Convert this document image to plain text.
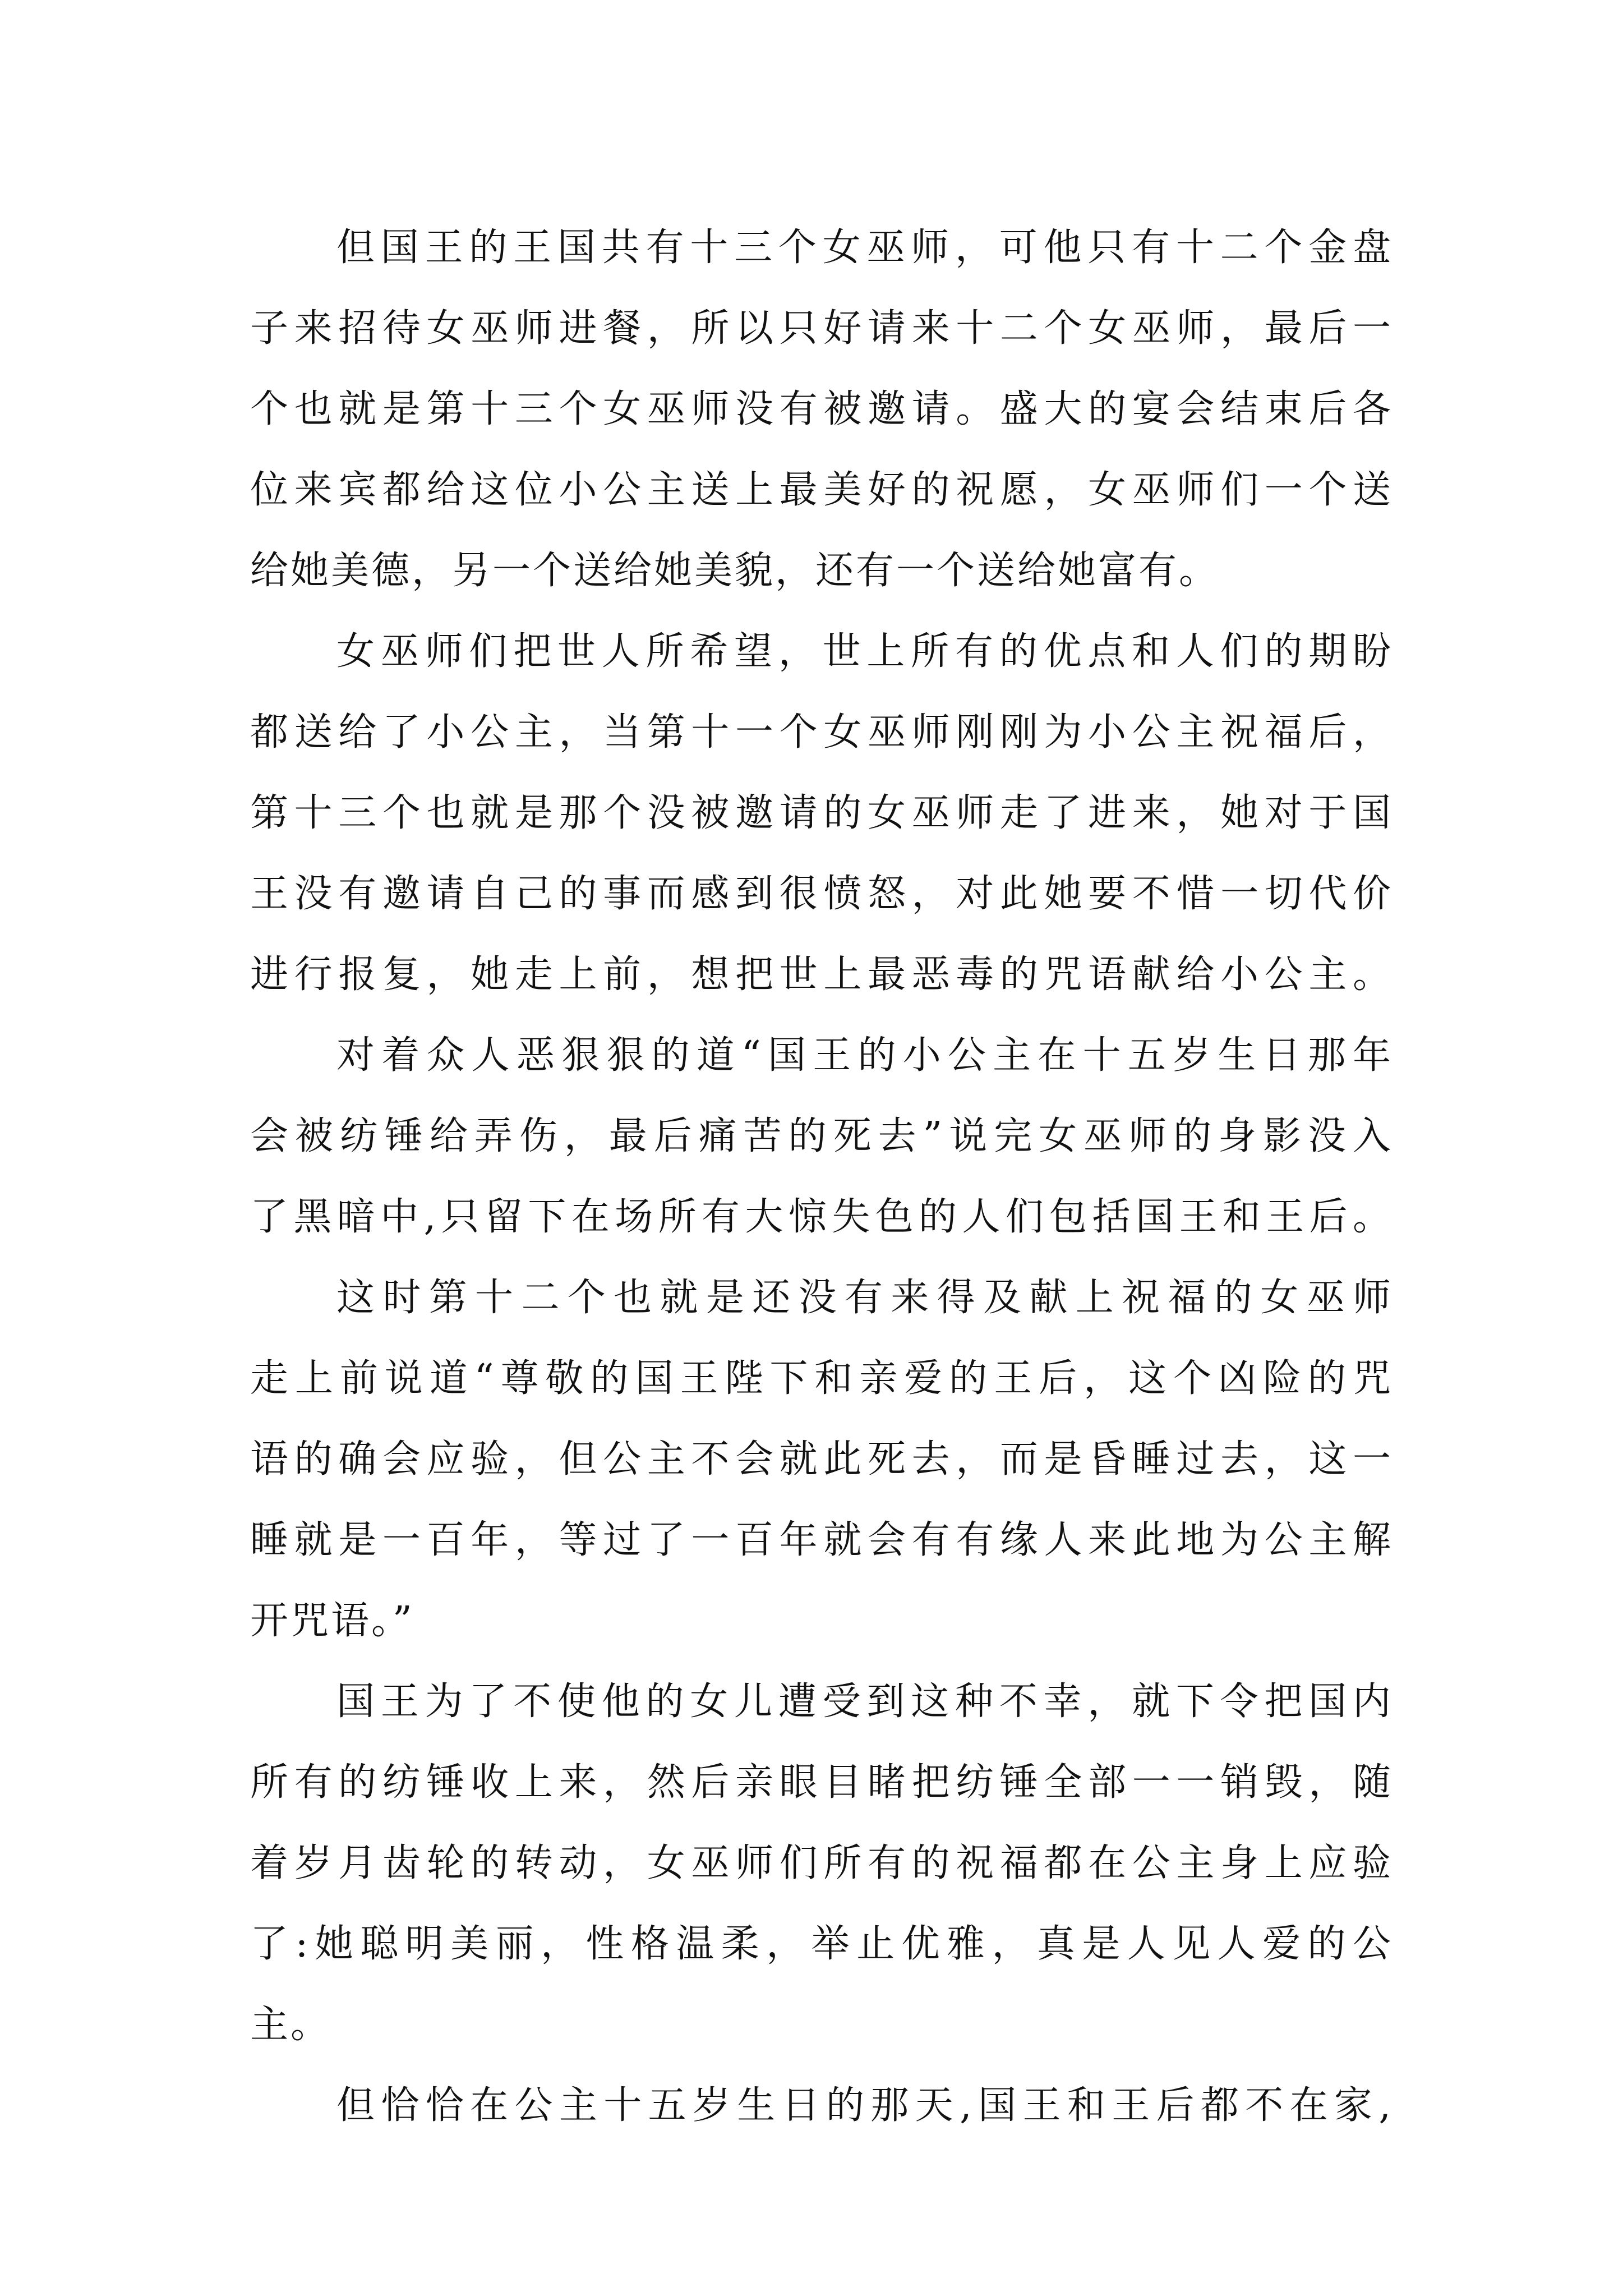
但国王的王国共有十三个女巫师，可他只有十二个金盘
子来招待女巫师进餐，所以只好请来十二个女巫师，最后一
个也就是第十三个女巫师没有被邀请。盛大的宴会结束后各
位来宾都给这位小公主送上最美好的祝愿，女巫师们一个送
给她美德，另一个送给她美貌，还有一个送给她富有。
女巫师们把世人所希望，世上所有的优点和人们的期盼
都送给了小公主，当第十一个女巫师刚刚为小公主祝福后，
第十三个也就是那个没被邀请的女巫师走了进来，她对于国
王没有邀请自己的事而感到很愤怒，对此她要不惜一切代价
进行报复，她走上前，想把世上最恶毒的咒语献给小公主。
对着众人恶狠狠的道“国王的小公主在十五岁生日那年
会被纺锤给弄伤，最后痛苦的死去”说完女巫师的身影没入
了黑暗中,只留下在场所有大惊失色的人们包括国王和王后。
这时第十二个也就是还没有来得及献上祝福的女巫师
走上前说道“尊敬的国王陛下和亲爱的王后，这个凶险的咒
语的确会应验，但公主不会就此死去，而是昏睡过去，这一
睡就是一百年，等过了一百年就会有有缘人来此地为公主解
开咒语。”
国王为了不使他的女儿遭受到这种不幸，就下令把国内
所有的纺锤收上来，然后亲眼目睹把纺锤全部一一销毁，随
着岁月齿轮的转动，女巫师们所有的祝福都在公主身上应验
了:她聪明美丽，性格温柔，举止优雅，真是人见人爱的公
主。
但恰恰在公主十五岁生日的那天,国王和王后都不在家,
